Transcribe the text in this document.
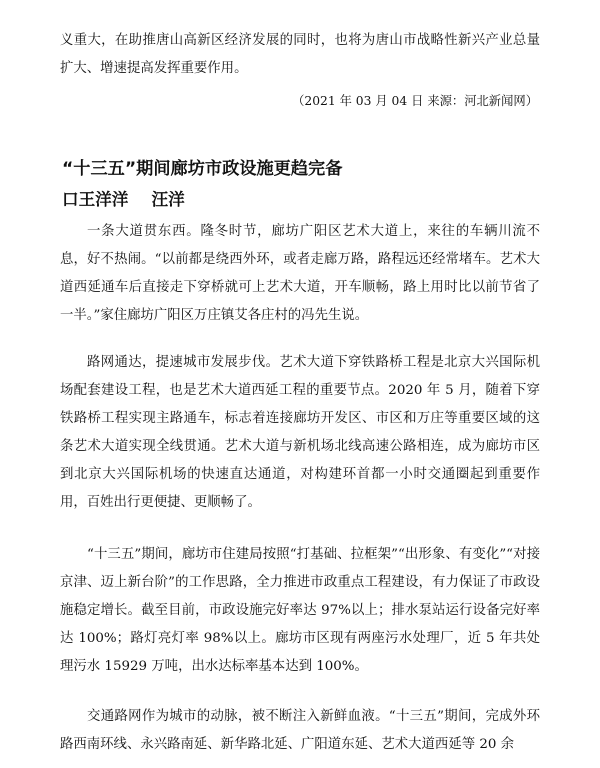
义重大，在助推唐山高新区经济发展的同时，也将为唐山市战略性新兴产业总量扩大、增速提高发挥重要作用。

（2021 年 03 月 04 日 来源：河北新闻网）
“十三五”期间廊坊市政设施更趋完备
口王洋洋    汪洋

一条大道贯东西。隆冬时节，廊坊广阳区艺术大道上，来往的车辆川流不息，好不热闹。“以前都是绕西外环，或者走廊万路，路程远还经常堵车。艺术大道西延通车后直接走下穿桥就可上艺术大道，开车顺畅，路上用时比以前节省了一半。”家住廊坊广阳区万庄镇艾各庄村的冯先生说。

路网通达，提速城市发展步伐。艺术大道下穿铁路桥工程是北京大兴国际机场配套建设工程，也是艺术大道西延工程的重要节点。2020 年 5 月，随着下穿铁路桥工程实现主路通车，标志着连接廊坊开发区、市区和万庄等重要区域的这条艺术大道实现全线贯通。艺术大道与新机场北线高速公路相连，成为廊坊市区到北京大兴国际机场的快速直达通道，对构建环首都一小时交通圈起到重要作用，百姓出行更便捷、更顺畅了。

“十三五”期间，廊坊市住建局按照“打基础、拉框架”“出形象、有变化”“对接京津、迈上新台阶”的工作思路，全力推进市政重点工程建设，有力保证了市政设施稳定增长。截至目前，市政设施完好率达 97%以上；排水泵站运行设备完好率达 100%；路灯亮灯率 98%以上。廊坊市区现有两座污水处理厂，近 5 年共处理污水 15929 万吨，出水达标率基本达到 100%。

交通路网作为城市的动脉，被不断注入新鲜血液。“十三五”期间，完成外环路西南环线、永兴路南延、新华路北延、广阳道东延、艺术大道西延等 20 余
